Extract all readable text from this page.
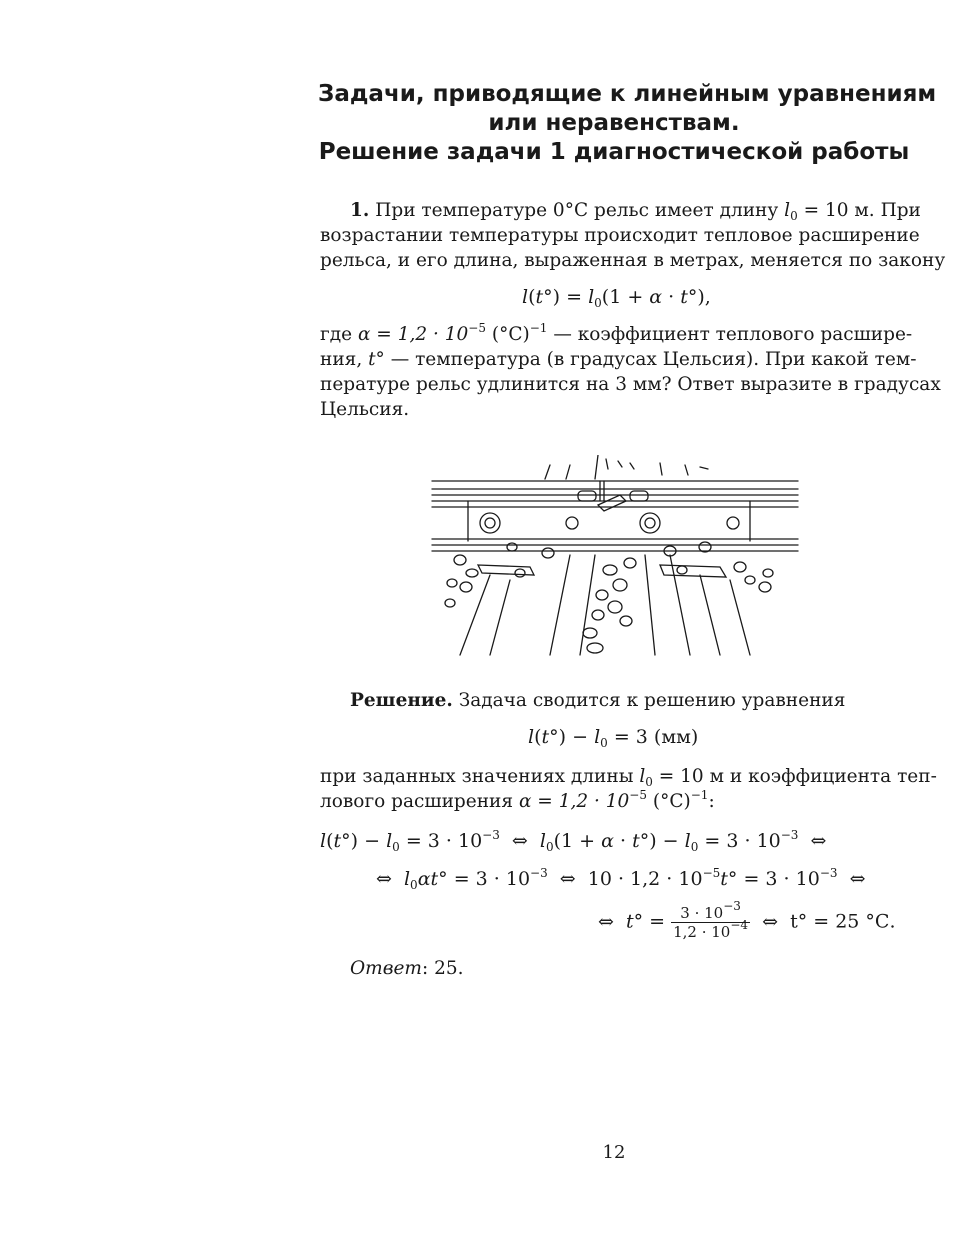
Задачи, приводящие к линейным уравнениям
или неравенствам.
Решение задачи 1 диагностической работы
1. При температуре 0°С рельс имеет длину $l_0 = 10$ м. При
возрастании температуры происходит тепловое расширение
рельса, и его длина, выраженная в метрах, меняется по закону
$l(t^\circ) = l_0(1 + \alpha \cdot t^\circ)$,
где $\alpha = 1,2 \cdot 10^{-5}$ $(^\circ С)^{-1}$ — коэффициент теплового расшире-
ния, t° — температура (в градусах Цельсия). При какой тем-
пературе рельс удлинится на 3 мм? Ответ выразите в градусах
Цельсия.
Решение. Задача сводится к решению уравнения
$l(t^\circ) - l_0 = 3$ (мм)
при заданных значениях длины $l_0 = 10$ м и коэффициента теп-
лового расширения $\alpha = 1,2 \cdot 10^{-5}$ $(^\circ С)^{-1}$:
$l(t^\circ) - l_0 = 3 \cdot 10^{-3}$ ⇔ $l_0(1 + \alpha \cdot t^\circ) - l_0 = 3 \cdot 10^{-3}$ ⇔
⇔ $l_0\alpha t^\circ = 3 \cdot 10^{-3}$ ⇔ $10 \cdot 1,2 \cdot 10^{-5}t^\circ = 3 \cdot 10^{-3}$ ⇔
⇔ $t^\circ = \frac{3 \cdot 10^{-3}}{1,2 \cdot 10^{-4}}$ ⇔ t° = 25 °С.
Ответ: 25.
12
